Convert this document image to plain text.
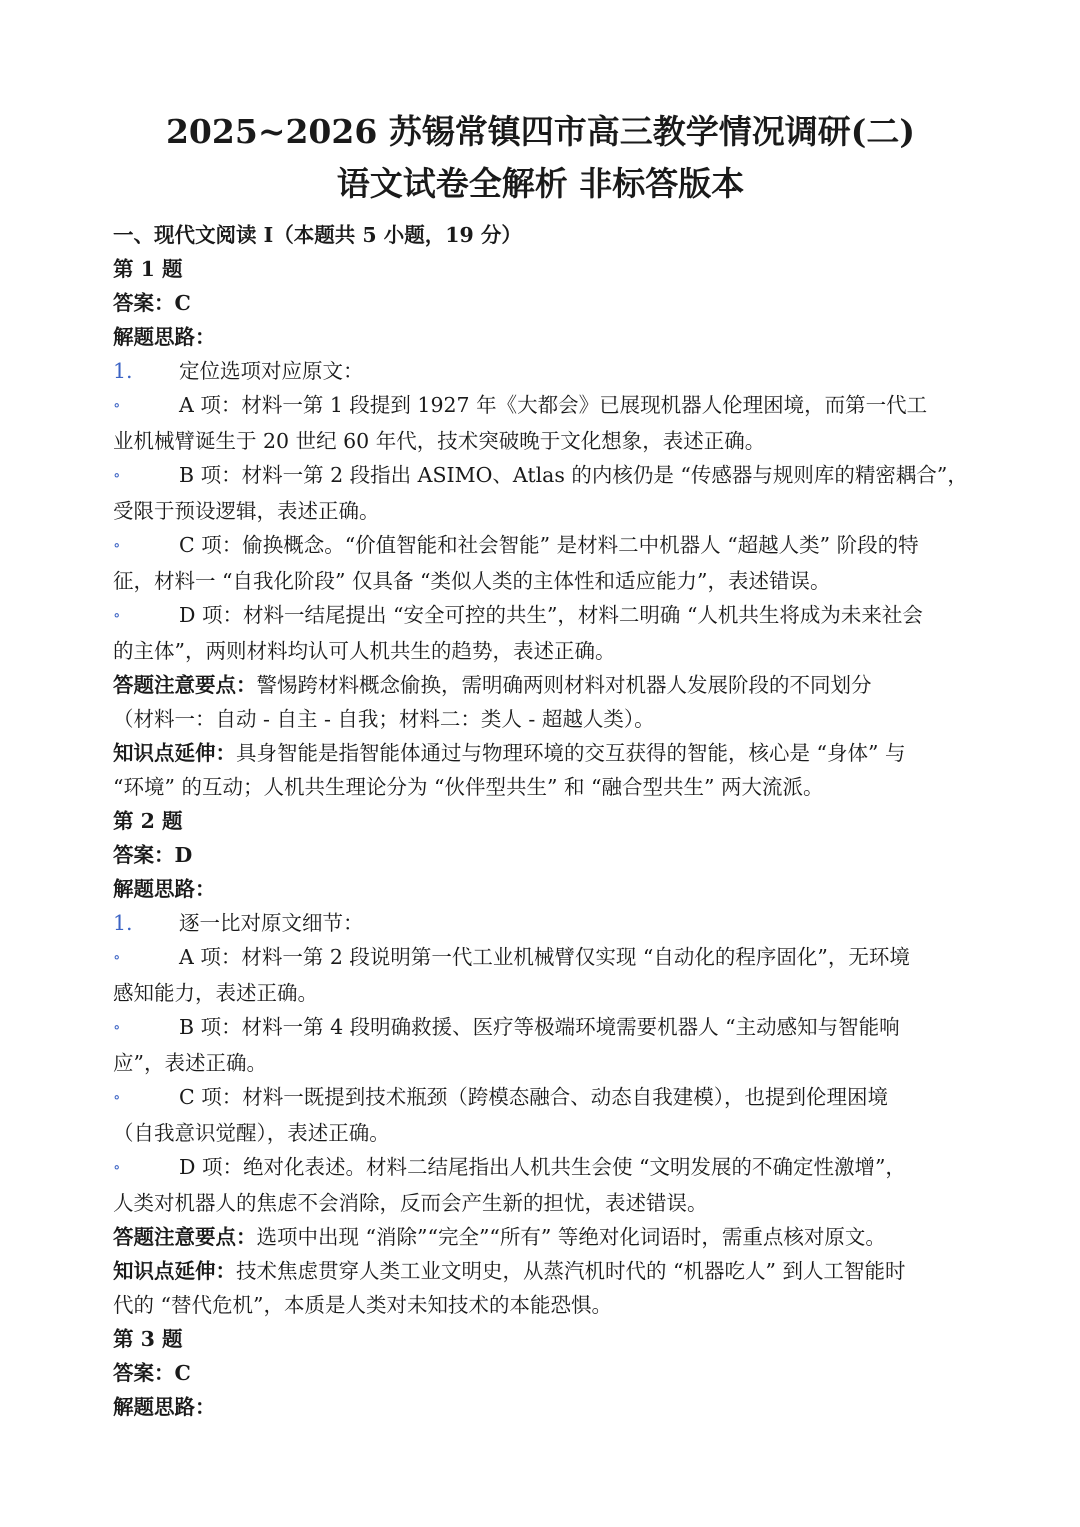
2025~2026 苏锡常镇四市高三教学情况调研(二)
语文试卷全解析 非标答版本

一、现代文阅读 I（本题共 5 小题，19 分）

第 1 题

答案：C

解题思路：

1. 定位选项对应原文：

∘	A 项：材料一第 1 段提到 1927 年《大都会》已展现机器人伦理困境，而第一代工

业机械臂诞生于 20 世纪 60 年代，技术突破晚于文化想象，表述正确。

∘	B 项：材料一第 2 段指出 ASIMO、Atlas 的内核仍是 “传感器与规则库的精密耦合”，

受限于预设逻辑，表述正确。

∘	C 项：偷换概念。“价值智能和社会智能” 是材料二中机器人 “超越人类” 阶段的特

征，材料一 “自我化阶段” 仅具备 “类似人类的主体性和适应能力”，表述错误。

∘	D 项：材料一结尾提出 “安全可控的共生”，材料二明确 “人机共生将成为未来社会

的主体”，两则材料均认可人机共生的趋势，表述正确。

答题注意要点：警惕跨材料概念偷换，需明确两则材料对机器人发展阶段的不同划分

（材料一：自动 - 自主 - 自我；材料二：类人 - 超越人类）。

知识点延伸：具身智能是指智能体通过与物理环境的交互获得的智能，核心是 “身体” 与

“环境” 的互动；人机共生理论分为 “伙伴型共生” 和 “融合型共生” 两大流派。

第 2 题

答案：D

解题思路：

1. 逐一比对原文细节：

∘	A 项：材料一第 2 段说明第一代工业机械臂仅实现 “自动化的程序固化”，无环境

感知能力，表述正确。

∘	B 项：材料一第 4 段明确救援、医疗等极端环境需要机器人 “主动感知与智能响

应”，表述正确。

∘	C 项：材料一既提到技术瓶颈（跨模态融合、动态自我建模），也提到伦理困境

（自我意识觉醒），表述正确。

∘	D 项：绝对化表述。材料二结尾指出人机共生会使 “文明发展的不确定性激增”，

人类对机器人的焦虑不会消除，反而会产生新的担忧，表述错误。

答题注意要点：选项中出现 “消除”“完全”“所有” 等绝对化词语时，需重点核对原文。

知识点延伸：技术焦虑贯穿人类工业文明史，从蒸汽机时代的 “机器吃人” 到人工智能时

代的 “替代危机”，本质是人类对未知技术的本能恐惧。

第 3 题

答案：C

解题思路：
